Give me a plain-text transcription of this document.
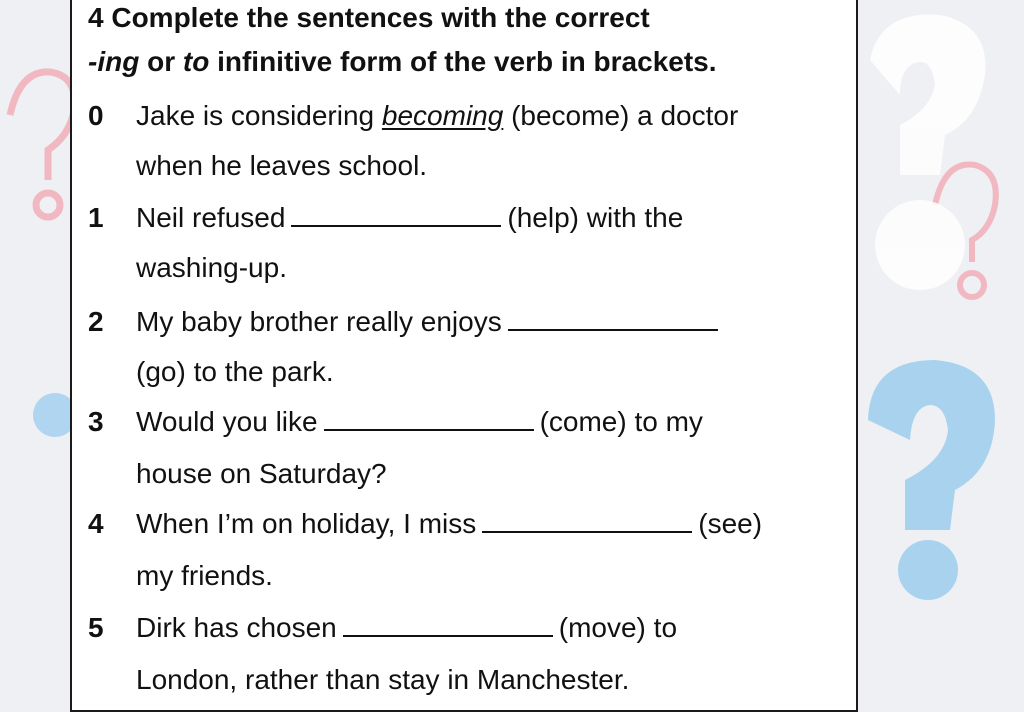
4 Complete the sentences with the correct
-ing or to infinitive form of the verb in brackets.
0 Jake is considering becoming (become) a doctor
when he leaves school.
1 Neil refused	(help) with the
washing-up.
2 My baby brother really enjoys
(go) to the park.
3 Would you like	(come) to my
house on Saturday?
4 When I’m on holiday, I miss	(see)
my friends.
5 Dirk has chosen	(move) to
London, rather than stay in Manchester.
